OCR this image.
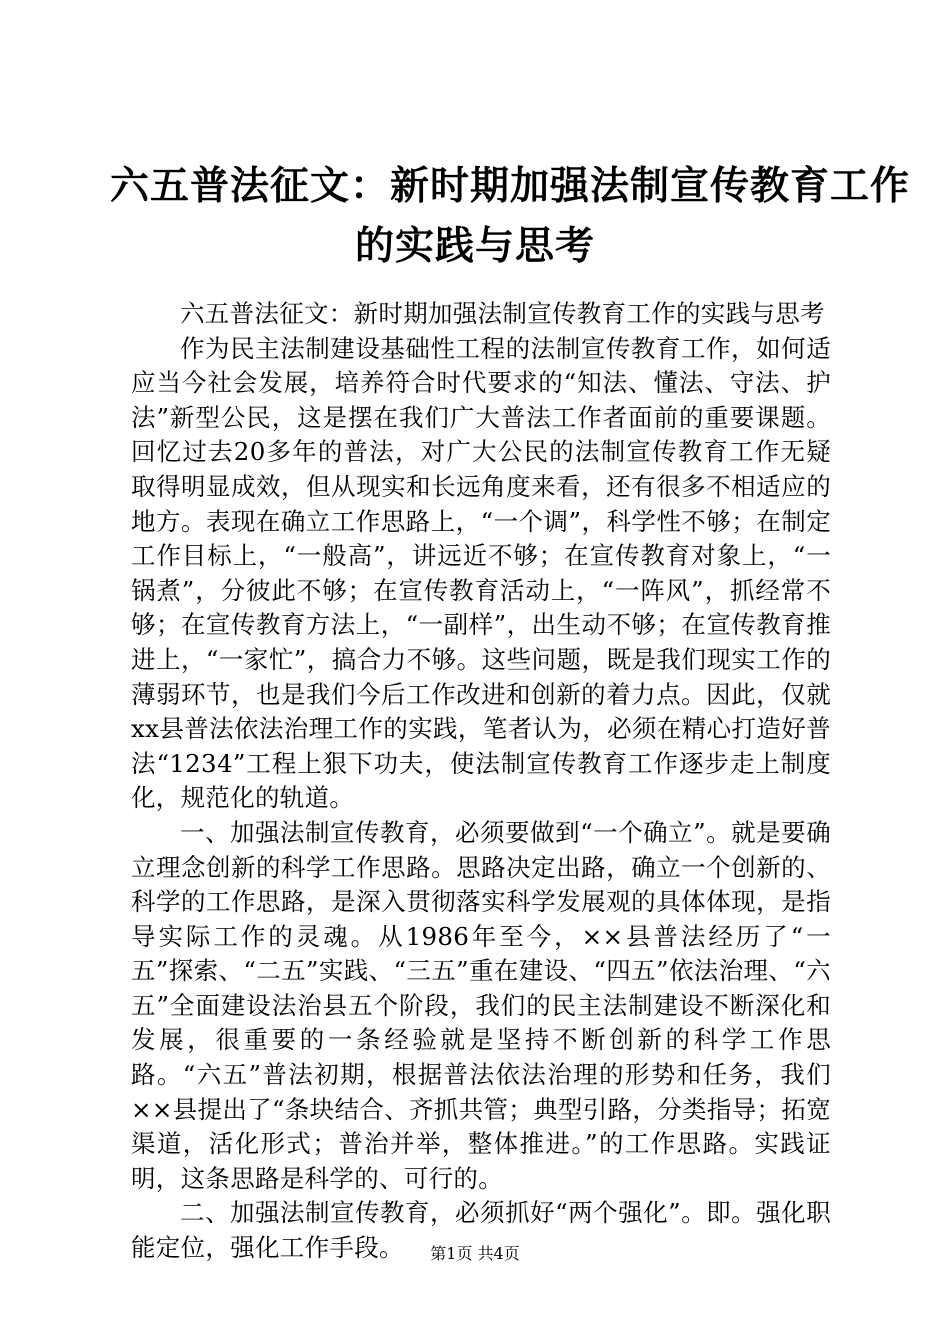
六五普法征文：新时期加强法制宣传教育工作
的实践与思考

六五普法征文：新时期加强法制宣传教育工作的实践与思考

作为民主法制建设基础性工程的法制宣传教育工作，如何适应当今社会发展，培养符合时代要求的“知法、懂法、守法、护法”新型公民，这是摆在我们广大普法工作者面前的重要课题。回忆过去20多年的普法，对广大公民的法制宣传教育工作无疑取得明显成效，但从现实和长远角度来看，还有很多不相适应的地方。表现在确立工作思路上，“一个调”，科学性不够；在制定工作目标上，“一般高”，讲远近不够；在宣传教育对象上，“一锅煮”，分彼此不够；在宣传教育活动上，“一阵风”，抓经常不够；在宣传教育方法上，“一副样”，出生动不够；在宣传教育推进上，“一家忙”，搞合力不够。这些问题，既是我们现实工作的薄弱环节，也是我们今后工作改进和创新的着力点。因此，仅就xx县普法依法治理工作的实践，笔者认为，必须在精心打造好普法“1234”工程上狠下功夫，使法制宣传教育工作逐步走上制度化，规范化的轨道。

一、加强法制宣传教育，必须要做到“一个确立”。就是要确立理念创新的科学工作思路。思路决定出路，确立一个创新的、科学的工作思路，是深入贯彻落实科学发展观的具体体现，是指导实际工作的灵魂。从1986年至今，××县普法经历了“一五”探索、“二五”实践、“三五”重在建设、“四五”依法治理、“六五”全面建设法治县五个阶段，我们的民主法制建设不断深化和发展，很重要的一条经验就是坚持不断创新的科学工作思路。“六五”普法初期，根据普法依法治理的形势和任务，我们××县提出了“条块结合、齐抓共管；典型引路，分类指导；拓宽渠道，活化形式；普治并举，整体推进。”的工作思路。实践证明，这条思路是科学的、可行的。

二、加强法制宣传教育，必须抓好“两个强化”。即。强化职能定位，强化工作手段。	第1页 共4页
